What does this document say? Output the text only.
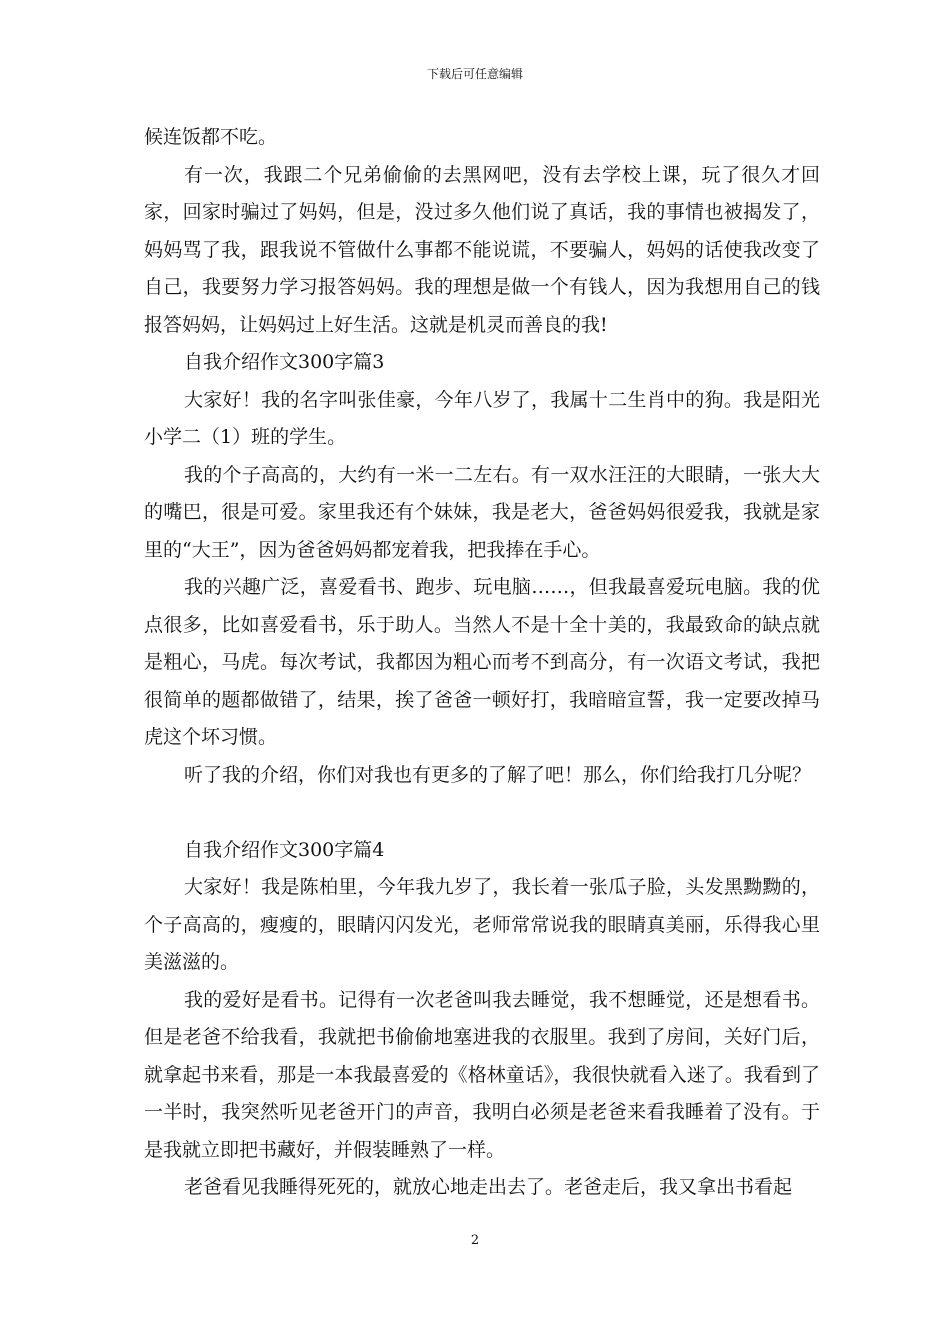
下载后可任意编辑

候连饭都不吃。

有一次，我跟二个兄弟偷偷的去黑网吧，没有去学校上课，玩了很久才回家，回家时骗过了妈妈，但是，没过多久他们说了真话，我的事情也被揭发了，妈妈骂了我，跟我说不管做什么事都不能说谎，不要骗人，妈妈的话使我改变了自己，我要努力学习报答妈妈。我的理想是做一个有钱人，因为我想用自己的钱报答妈妈，让妈妈过上好生活。这就是机灵而善良的我!

自我介绍作文300字篇3

大家好！我的名字叫张佳豪，今年八岁了，我属十二生肖中的狗。我是阳光小学二（1）班的学生。

我的个子高高的，大约有一米一二左右。有一双水汪汪的大眼睛，一张大大的嘴巴，很是可爱。家里我还有个妹妹，我是老大，爸爸妈妈很爱我，我就是家里的“大王”，因为爸爸妈妈都宠着我，把我捧在手心。

我的兴趣广泛，喜爱看书、跑步、玩电脑……，但我最喜爱玩电脑。我的优点很多，比如喜爱看书，乐于助人。当然人不是十全十美的，我最致命的缺点就是粗心，马虎。每次考试，我都因为粗心而考不到高分，有一次语文考试，我把很简单的题都做错了，结果，挨了爸爸一顿好打，我暗暗宣誓，我一定要改掉马虎这个坏习惯。

听了我的介绍，你们对我也有更多的了解了吧！那么，你们给我打几分呢？

自我介绍作文300字篇4

大家好！我是陈柏里，今年我九岁了，我长着一张瓜子脸，头发黑黝黝的，个子高高的，瘦瘦的，眼睛闪闪发光，老师常常说我的眼睛真美丽，乐得我心里美滋滋的。

我的爱好是看书。记得有一次老爸叫我去睡觉，我不想睡觉，还是想看书。但是老爸不给我看，我就把书偷偷地塞进我的衣服里。我到了房间，关好门后，就拿起书来看，那是一本我最喜爱的《格林童话》，我很快就看入迷了。我看到了一半时，我突然听见老爸开门的声音，我明白必须是老爸来看我睡着了没有。于是我就立即把书藏好，并假装睡熟了一样。

老爸看见我睡得死死的，就放心地走出去了。老爸走后，我又拿出书看起

2
